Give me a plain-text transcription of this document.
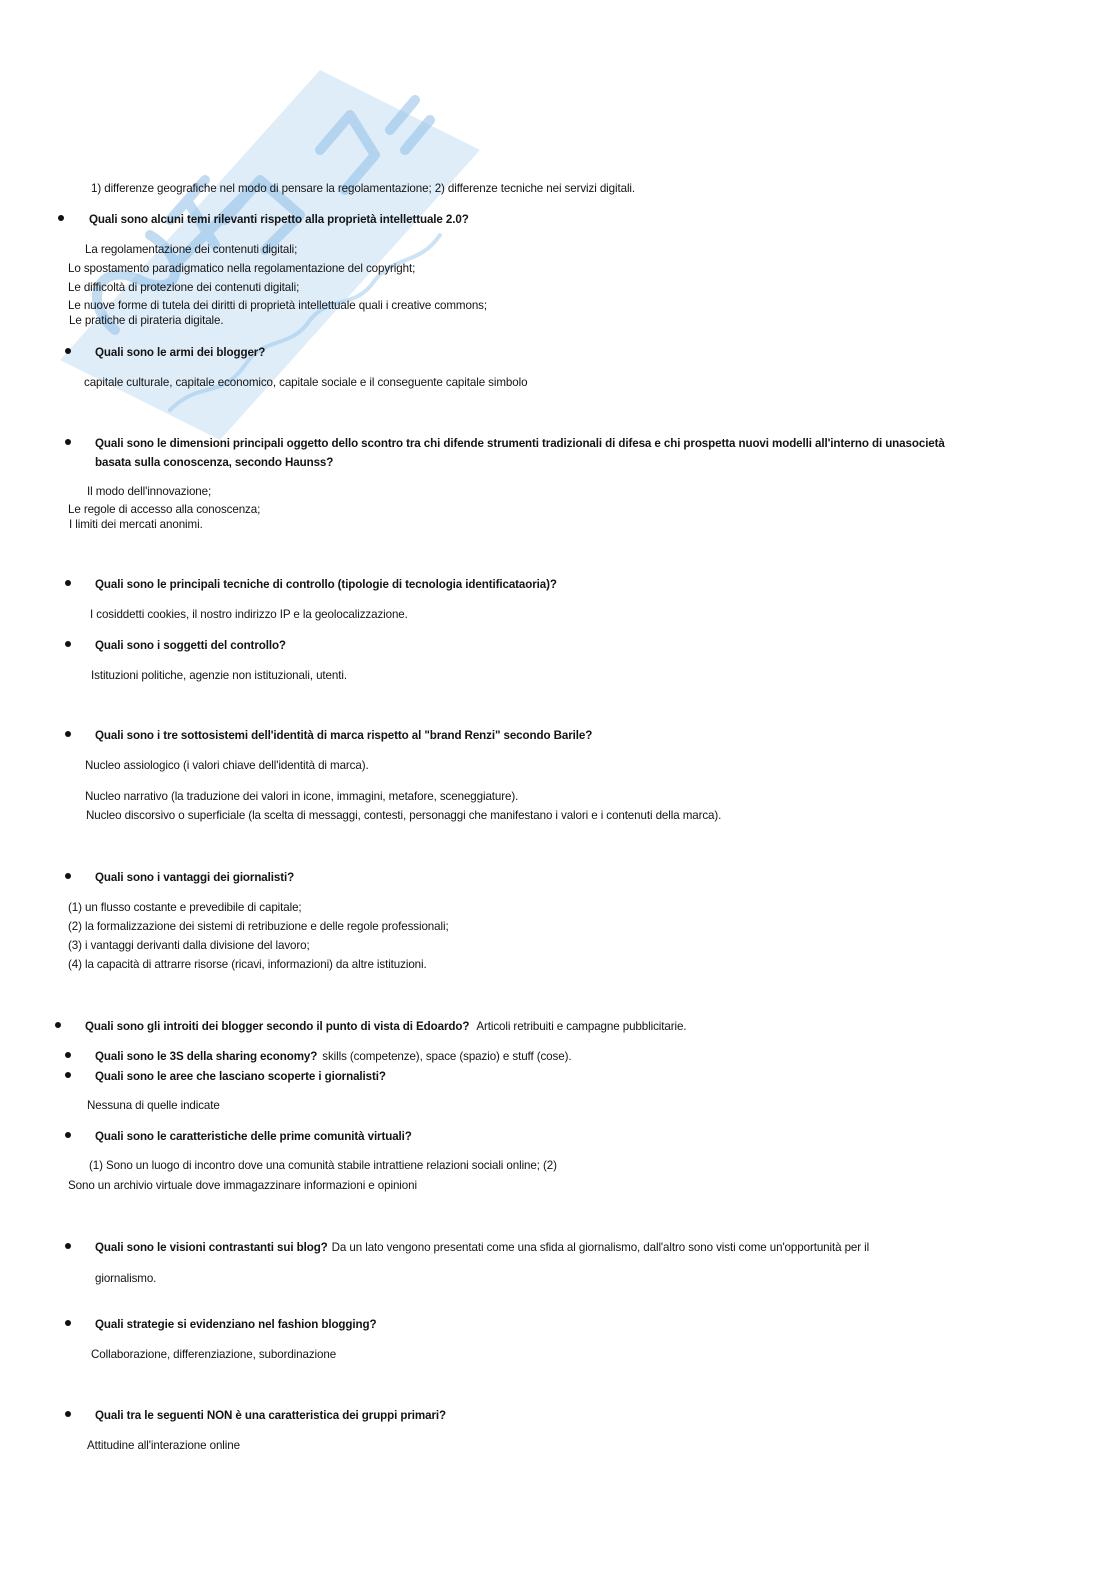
1) differenze geografiche nel modo di pensare la regolamentazione; 2) differenze tecniche nei servizi digitali.
Quali sono alcuni temi rilevanti rispetto alla proprietà intellettuale 2.0?
La regolamentazione dei contenuti digitali;
Lo spostamento paradigmatico nella regolamentazione del copyright;
Le difficoltà di protezione dei contenuti digitali;
Le nuove forme di tutela dei diritti di proprietà intellettuale quali i creative commons;
Le pratiche di pirateria digitale.
Quali sono le armi dei blogger?
capitale culturale, capitale economico, capitale sociale e il conseguente capitale simbolo
Quali sono le dimensioni principali oggetto dello scontro tra chi difende strumenti tradizionali di difesa e chi prospetta nuovi modelli all'interno di unasocietà
basata sulla conoscenza, secondo Haunss?
Il modo dell'innovazione;
Le regole di accesso alla conoscenza;
I limiti dei mercati anonimi.
Quali sono le principali tecniche di controllo (tipologie di tecnologia identificataoria)?
I cosiddetti cookies, il nostro indirizzo IP e la geolocalizzazione.
Quali sono i soggetti del controllo?
Istituzioni politiche, agenzie non istituzionali, utenti.
Quali sono i tre sottosistemi dell'identità di marca rispetto al "brand Renzi" secondo Barile?
Nucleo assiologico (i valori chiave dell'identità di marca).
Nucleo narrativo (la traduzione dei valori in icone, immagini, metafore, sceneggiature).
Nucleo discorsivo o superficiale (la scelta di messaggi, contesti, personaggi che manifestano i valori e i contenuti della marca).
Quali sono i vantaggi dei giornalisti?
(1) un flusso costante e prevedibile di capitale;
(2) la formalizzazione dei sistemi di retribuzione e delle regole professionali;
(3) i vantaggi derivanti dalla divisione del lavoro;
(4) la capacità di attrarre risorse (ricavi, informazioni) da altre istituzioni.
Quali sono gli introiti dei blogger secondo il punto di vista di Edoardo? Articoli retribuiti e campagne pubblicitarie.
Quali sono le 3S della sharing economy? skills (competenze), space (spazio) e stuff (cose).
Quali sono le aree che lasciano scoperte i giornalisti?
Nessuna di quelle indicate
Quali sono le caratteristiche delle prime comunità virtuali?
(1) Sono un luogo di incontro dove una comunità stabile intrattiene relazioni sociali online; (2)
Sono un archivio virtuale dove immagazzinare informazioni e opinioni
Quali sono le visioni contrastanti sui blog? Da un lato vengono presentati come una sfida al giornalismo, dall'altro sono visti come un'opportunità per il
giornalismo.
Quali strategie si evidenziano nel fashion blogging?
Collaborazione, differenziazione, subordinazione
Quali tra le seguenti NON è una caratteristica dei gruppi primari?
Attitudine all'interazione online
